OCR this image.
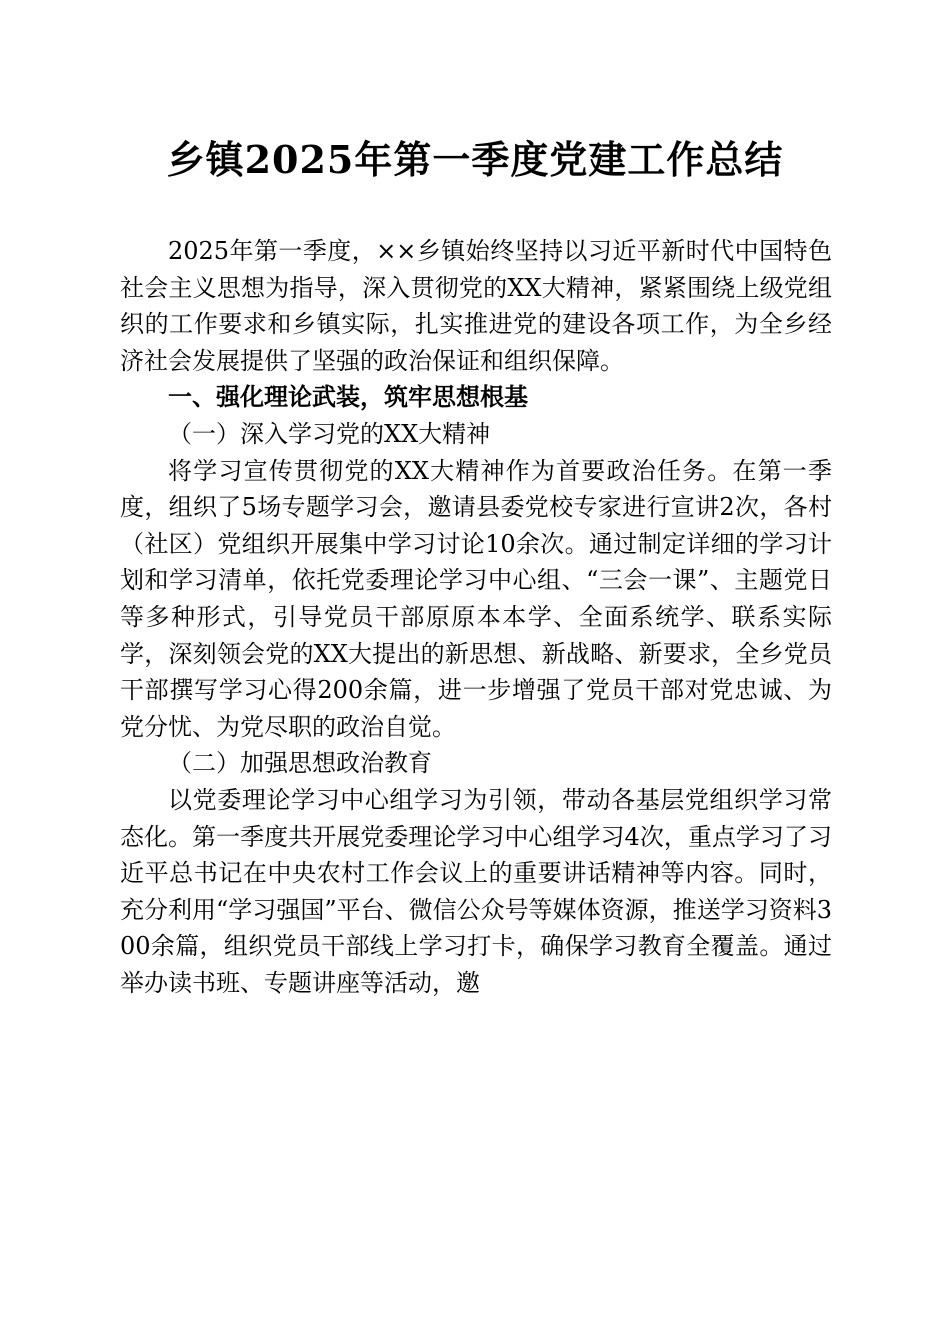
乡镇2025年第一季度党建工作总结

2025年第一季度，××乡镇始终坚持以习近平新时代中国特色社会主义思想为指导，深入贯彻党的XX大精神，紧紧围绕上级党组织的工作要求和乡镇实际，扎实推进党的建设各项工作，为全乡经济社会发展提供了坚强的政治保证和组织保障。

一、强化理论武装，筑牢思想根基

（一）深入学习党的XX大精神

将学习宣传贯彻党的XX大精神作为首要政治任务。在第一季度，组织了5场专题学习会，邀请县委党校专家进行宣讲2次，各村（社区）党组织开展集中学习讨论10余次。通过制定详细的学习计划和学习清单，依托党委理论学习中心组、“三会一课”、主题党日等多种形式，引导党员干部原原本本学、全面系统学、联系实际学，深刻领会党的XX大提出的新思想、新战略、新要求，全乡党员干部撰写学习心得200余篇，进一步增强了党员干部对党忠诚、为党分忧、为党尽职的政治自觉。

（二）加强思想政治教育

以党委理论学习中心组学习为引领，带动各基层党组织学习常态化。第一季度共开展党委理论学习中心组学习4次，重点学习了习近平总书记在中央农村工作会议上的重要讲话精神等内容。同时，充分利用“学习强国”平台、微信公众号等媒体资源，推送学习资料300余篇，组织党员干部线上学习打卡，确保学习教育全覆盖。通过举办读书班、专题讲座等活动，邀
